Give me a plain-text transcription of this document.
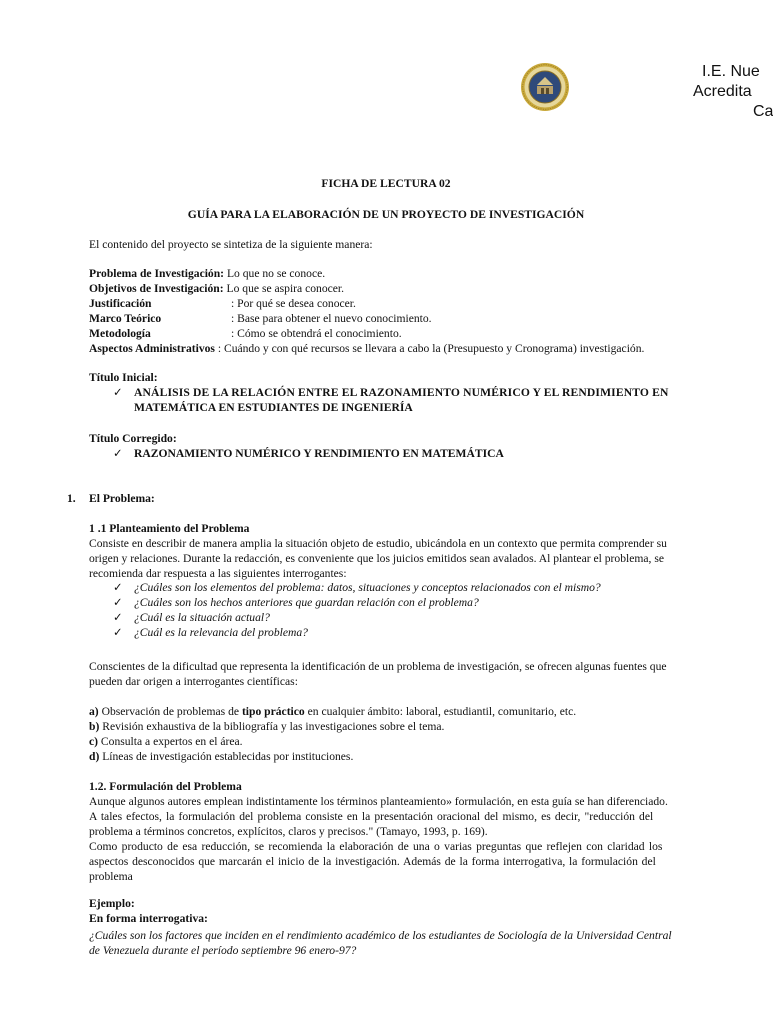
I.E. Nue
Acredita
Ca
FICHA DE LECTURA 02
GUÍA PARA LA ELABORACIÓN DE UN PROYECTO DE INVESTIGACIÓN
El contenido del proyecto se sintetiza de la siguiente manera:
Problema de Investigación: Lo que no se conoce.
Objetivos de Investigación: Lo que se aspira conocer.
Justificación	: Por qué se desea conocer.
Marco Teórico	: Base para obtener el nuevo conocimiento.
Metodología	: Cómo se obtendrá el conocimiento.
Aspectos Administrativos : Cuándo y con qué recursos se llevara a cabo la (Presupuesto y Cronograma) investigación.
Título Inicial:
✓ ANÁLISIS DE LA RELACIÓN ENTRE EL RAZONAMIENTO NUMÉRICO Y EL RENDIMIENTO EN
MATEMÁTICA EN ESTUDIANTES DE INGENIERÍA
Título Corregido:
✓ RAZONAMIENTO NUMÉRICO Y RENDIMIENTO EN MATEMÁTICA
1. El Problema:
1 .1 Planteamiento del Problema
Consiste en describir de manera amplia la situación objeto de estudio, ubicándola en un contexto que permita comprender su
origen y relaciones. Durante la redacción, es conveniente que los juicios emitidos sean avalados. Al plantear el problema, se
recomienda dar respuesta a las siguientes interrogantes:
✓ ¿Cuáles son los elementos del problema: datos, situaciones y conceptos relacionados con el mismo?
✓ ¿Cuáles son los hechos anteriores que guardan relación con el problema?
✓ ¿Cuál es la situación actual?
✓ ¿Cuál es la relevancia del problema?
Conscientes de la dificultad que representa la identificación de un problema de investigación, se ofrecen algunas fuentes que
pueden dar origen a interrogantes científicas:
a) Observación de problemas de tipo práctico en cualquier ámbito: laboral, estudiantil, comunitario, etc.
b) Revisión exhaustiva de la bibliografía y las investigaciones sobre el tema.
c) Consulta a expertos en el área.
d) Líneas de investigación establecidas por instituciones.
1.2. Formulación del Problema
Aunque algunos autores emplean indistintamente los términos planteamiento» formulación, en esta guía se han diferenciado.
A tales efectos, la formulación del problema consiste en la presentación oracional del mismo, es decir, "reducción del
problema a términos concretos, explícitos, claros y precisos." (Tamayo, 1993, p. 169).
Como producto de esa reducción, se recomienda la elaboración de una o varias preguntas que reflejen con claridad los
aspectos desconocidos que marcarán el inicio de la investigación. Además de la forma interrogativa, la formulación del
problema
Ejemplo:
En forma interrogativa:
¿Cuáles son los factores que inciden en el rendimiento académico de los estudiantes de Sociología de la Universidad Central
de Venezuela durante el período septiembre 96 enero-97?
